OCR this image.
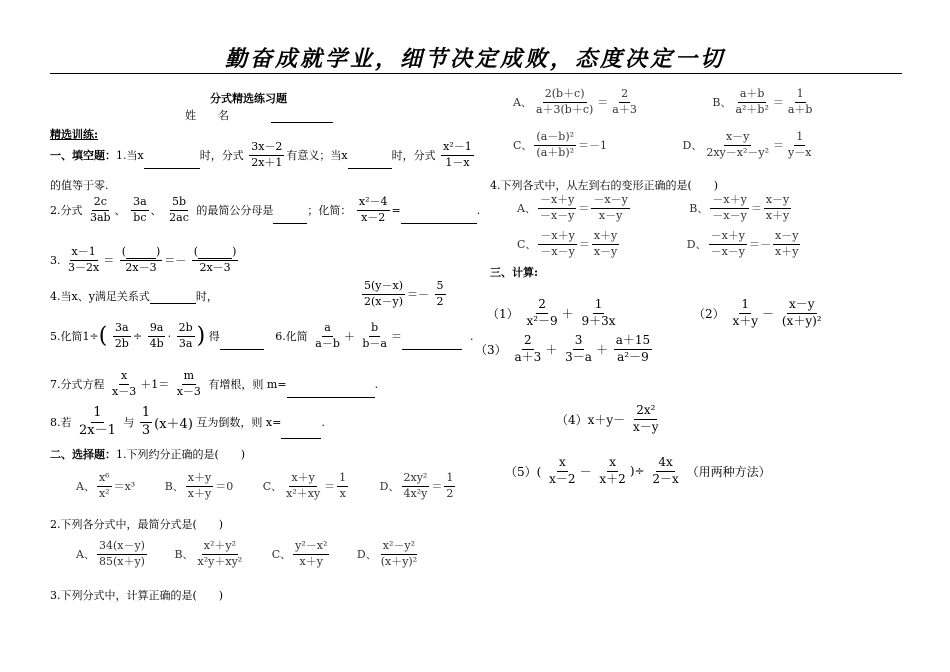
勤奋成就学业，细节决定成败，态度决定一切
分式精选练习题
姓　　名
精选训练:
一、填空题：1.当x	时，分式 $\frac{3x-2}{2x+1}$ 有意义；当x	时，分式 $\frac{\text{x²－1}}{1-x}$
的值等于零.
2.分式 $\frac{2c}{3ab}$ 、 $\frac{3a}{bc}$ 、 $\frac{5b}{2ac}$ 的最简公分母是	；化简： $\frac{\text{x²－4}}{x-2}$ =	.
3. $\frac{x-1}{3-2x}$ ＝ (	)
2x－3 ＝－ (	)
2x－3
4.当x、y满足关系式	时，	$\frac{5(y-x)}{2(x-y)} =- \frac{5}{2}$
5.化简$1\div( \frac{3a}{2b} \div \frac{9a}{4b} \cdot \frac{2b}{3a}$ ) 得	6.化简 $\frac{a}{a-b} + \frac{b}{b-a}$ ＝	.
7.分式方程 $\frac{x}{x-3} +1= \frac{m}{x-3}$ 有增根，则 m=	.
8.若 $\frac{1}{2x-1}$ 与 $\frac{1}{3} (x+4)$ 互为倒数，则 x=	.
二、选择题：1.下列约分正确的是(　　)
A、 $\frac{\text{x⁶}}{\text{x²}} =x^3$	B、 $\frac{x+y}{x+y} =0$	C、 $\frac{x+y}{\text{x²＋xy}} = \frac{1}{x}$	D、 $\frac{\text{2xy²}}{\text{4x²y}} = \frac{1}{2}$
2.下列各分式中，最简分式是(　　)
A、 $\frac{34(x-y)}{85(x+y)}$	B、 $\frac{\text{x²＋y²}}{\text{x²y＋xy²}}$	C、 $\frac{\text{y²－x²}}{x+y}$	D、 $\frac{\text{x²－y²}}{\text{(x＋y)²}}$
3.下列分式中，计算正确的是(　　)
A、 $\frac{2(b+c)}{a+3(b+c)} = \frac{2}{a+3}$	B、 $\frac{a+b}{\text{a²＋b²}} = \frac{1}{a+b}$
C、 $\frac{\text{(a－b)²}}{\text{(a＋b)²}} =-1$	D、 $\frac{x-y}{\text{2xy－x²－y²}} = \frac{1}{y-x}$
4.下列各式中，从左到右的变形正确的是(　　)
A、 $\frac{-x+y}{-x-y} = \frac{-x-y}{x-y}$	B、 $\frac{-x+y}{-x-y} = \frac{x-y}{x+y}$
C、 $\frac{-x+y}{-x-y} = \frac{x+y}{x-y}$	D、 $\frac{-x+y}{-x-y} =- \frac{x-y}{x+y}$
三、计算:
$(1) \frac{2}{\text{x²－9}} + \frac{1}{9+3x}$	$(2) \frac{1}{x+y} - \frac{x-y}{\text{(x＋y)²}}$
$(3) \frac{2}{a+3} + \frac{3}{3-a} + \frac{a+15}{\text{a²－9}}$
$(4)x+y- \frac{\text{2x²}}{x-y}$
$(5)( \frac{x}{x-2} - \frac{x}{x+2}$ )÷ $\frac{4x}{2-x}$ （用两种方法）
